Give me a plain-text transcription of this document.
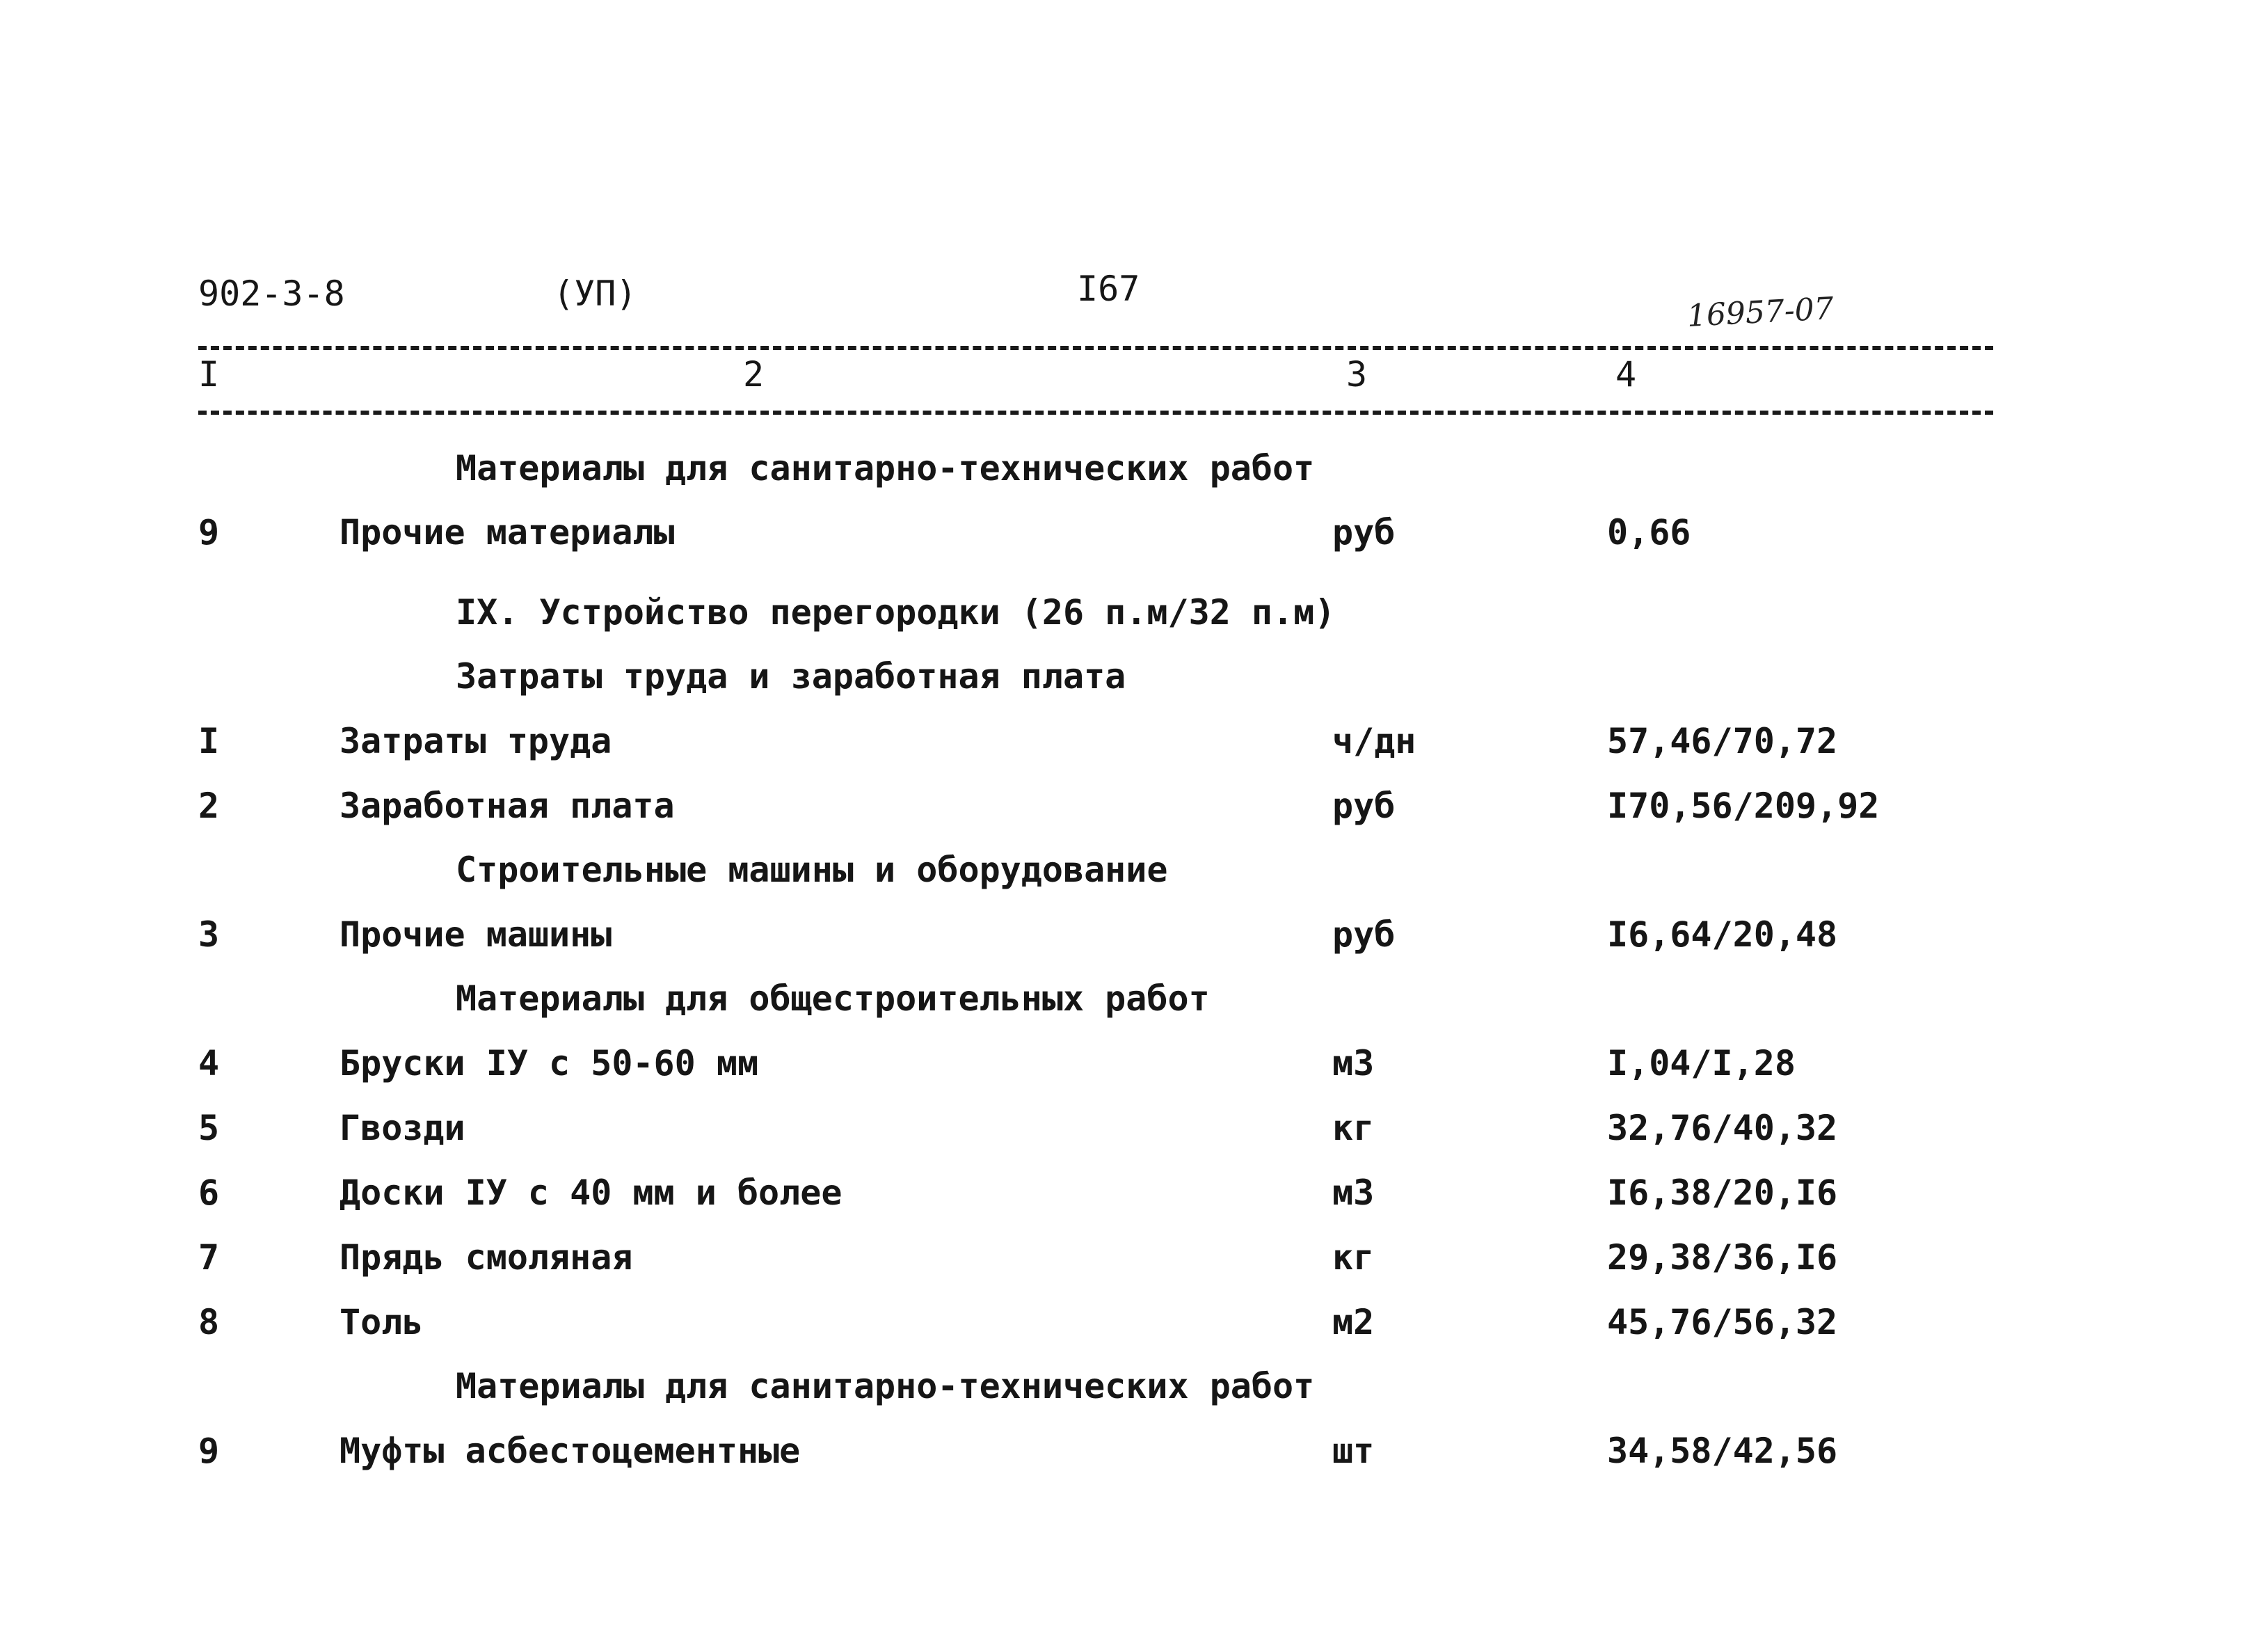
902-3-8	(УП)	I67
16957-07
I	2	3	4
Материалы для санитарно-технических работ
9	Прочие материалы	руб	0,66
IX. Устройство перегородки (26 п.м/32 п.м)
Затраты труда и заработная плата
I	Затраты труда	ч/дн	57,46/70,72
2	Заработная плата	руб	I70,56/209,92
Строительные машины и оборудование
3	Прочие машины	руб	I6,64/20,48
Материалы для общестроительных работ
4	Бруски IУ с 50-60 мм	м3	I,04/I,28
5	Гвозди	кг	32,76/40,32
6	Доски IУ с 40 мм и более	м3	I6,38/20,I6
7	Прядь смоляная	кг	29,38/36,I6
8	Толь	м2	45,76/56,32
Материалы для санитарно-технических работ
9	Муфты асбестоцементные	шт	34,58/42,56
